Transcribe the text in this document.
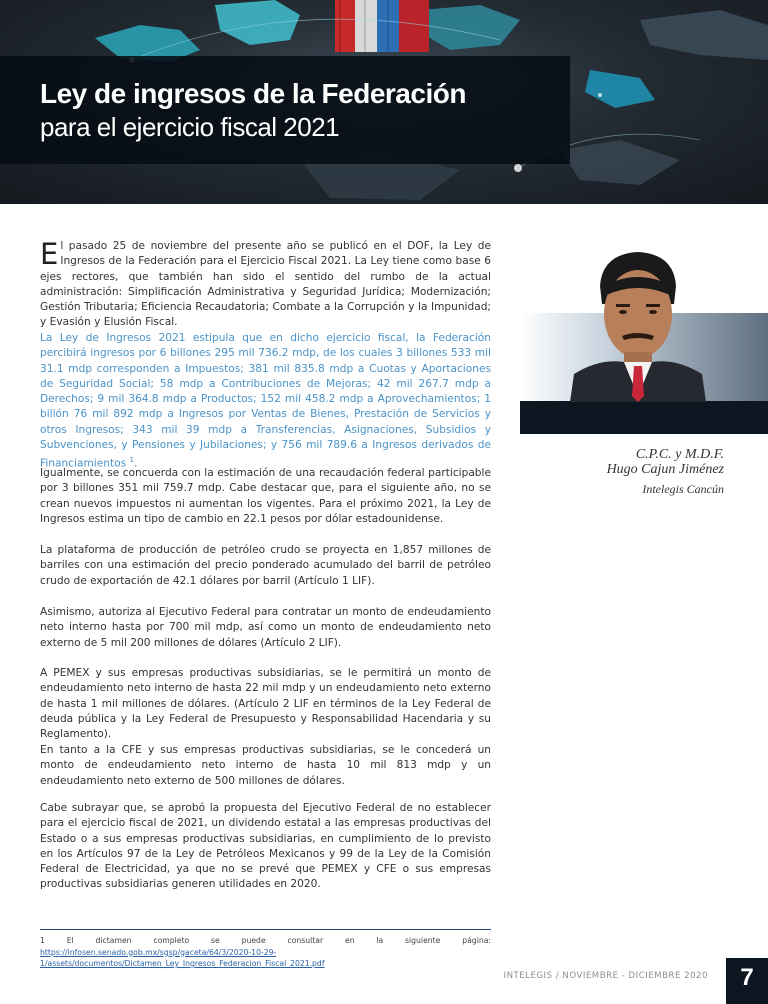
Ley de ingresos de la Federación
para el ejercicio fiscal 2021

El pasado 25 de noviembre del presente año se publicó en el DOF, la Ley de Ingresos de la Federación para el Ejercicio Fiscal 2021. La Ley tiene como base 6 ejes rectores, que también han sido el sentido del rumbo de la actual administración: Simplificación Administrativa y Seguridad Jurídica; Modernización; Gestión Tributaria; Eficiencia Recaudatoria; Combate a la Corrupción y la Impunidad; y Evasión y Elusión Fiscal.

La Ley de Ingresos 2021 estipula que en dicho ejercicio fiscal, la Federación percibirá ingresos por 6 billones 295 mil 736.2 mdp, de los cuales 3 billones 533 mil 31.1 mdp corresponden a Impuestos; 381 mil 835.8 mdp a Cuotas y Aportaciones de Seguridad Social; 58 mdp a Contribuciones de Mejoras; 42 mil 267.7 mdp a Derechos; 9 mil 364.8 mdp a Productos; 152 mil 458.2 mdp a Aprovechamientos; 1 billón 76 mil 892 mdp a Ingresos por Ventas de Bienes, Prestación de Servicios y otros Ingresos; 343 mil 39 mdp a Transferencias, Asignaciones, Subsidios y Subvenciones, y Pensiones y Jubilaciones; y 756 mil 789.6 a Ingresos derivados de Financiamientos $^1$.

Igualmente, se concuerda con la estimación de una recaudación federal participable por 3 billones 351 mil 759.7 mdp. Cabe destacar que, para el siguiente año, no se crean nuevos impuestos ni aumentan los vigentes. Para el próximo 2021, la Ley de Ingresos estima un tipo de cambio en 22.1 pesos por dólar estadounidense.

La plataforma de producción de petróleo crudo se proyecta en 1,857 millones de barriles con una estimación del precio ponderado acumulado del barril de petróleo crudo de exportación de 42.1 dólares por barril (Artículo 1 LIF).

Asimismo, autoriza al Ejecutivo Federal para contratar un monto de endeudamiento neto interno hasta por 700 mil mdp, así como un monto de endeudamiento neto externo de 5 mil 200 millones de dólares (Artículo 2 LIF).

A PEMEX y sus empresas productivas subsidiarias, se le permitirá un monto de endeudamiento neto interno de hasta 22 mil mdp y un endeudamiento neto externo de hasta 1 mil millones de dólares. (Artículo 2 LIF en términos de la Ley Federal de deuda pública y la Ley Federal de Presupuesto y Responsabilidad Hacendaria y su Reglamento).

En tanto a la CFE y sus empresas productivas subsidiarias, se le concederá un monto de endeudamiento neto interno de hasta 10 mil 813 mdp y un endeudamiento neto externo de 500 millones de dólares.

Cabe subrayar que, se aprobó la propuesta del Ejecutivo Federal de no establecer para el ejercicio fiscal de 2021, un dividendo estatal a las empresas productivas del Estado o a sus empresas productivas subsidiarias, en cumplimiento de lo previsto en los Artículos 97 de la Ley de Petróleos Mexicanos y 99 de la Ley de la Comisión Federal de Electricidad, ya que no se prevé que PEMEX y CFE o sus empresas productivas subsidiarias generen utilidades en 2020.

C.P.C. y M.D.F.
Hugo Cajun Jiménez
Intelegis Cancún

1 El dictamen completo se puede consultar en la siguiente página: https://infosen.senado.gob.mx/sgsp/gaceta/64/3/2020-10-29-1/assets/documentos/Dictamen_Ley_Ingresos_Federacion_Fiscal_2021.pdf

INTELEGIS / NOVIEMBRE - DICIEMBRE 2020	7
